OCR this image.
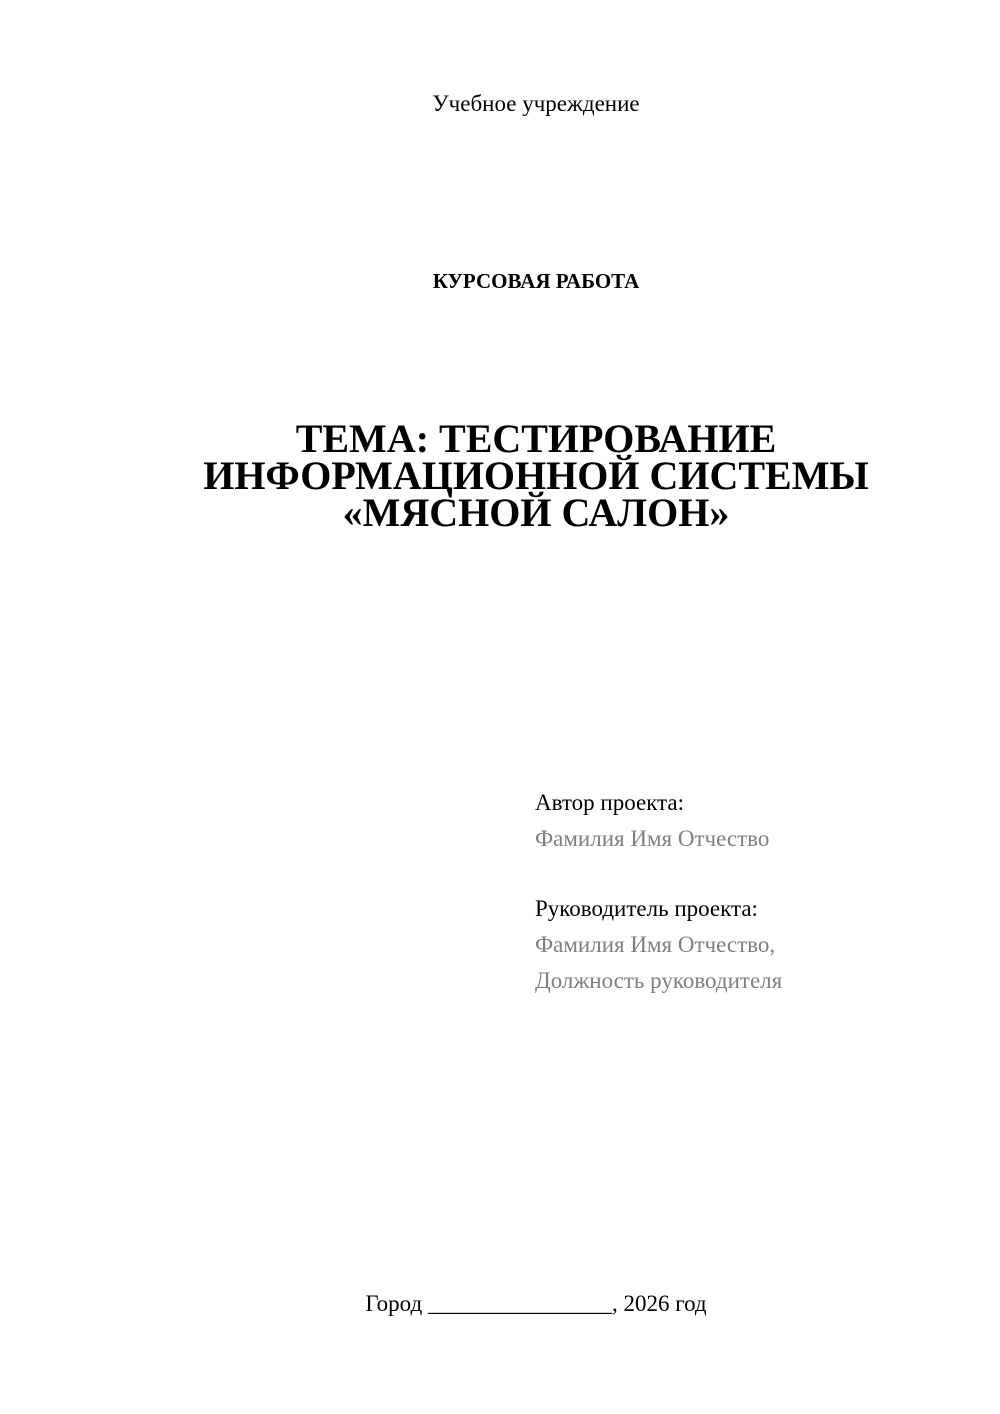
Учебное учреждение
КУРСОВАЯ РАБОТА
ТЕМА: ТЕСТИРОВАНИЕ
ИНФОРМАЦИОННОЙ СИСТЕМЫ
«МЯСНОЙ САЛОН»
Автор проекта:
Фамилия Имя Отчество
Руководитель проекта:
Фамилия Имя Отчество,
Должность руководителя
Город ________________, 2026 год
